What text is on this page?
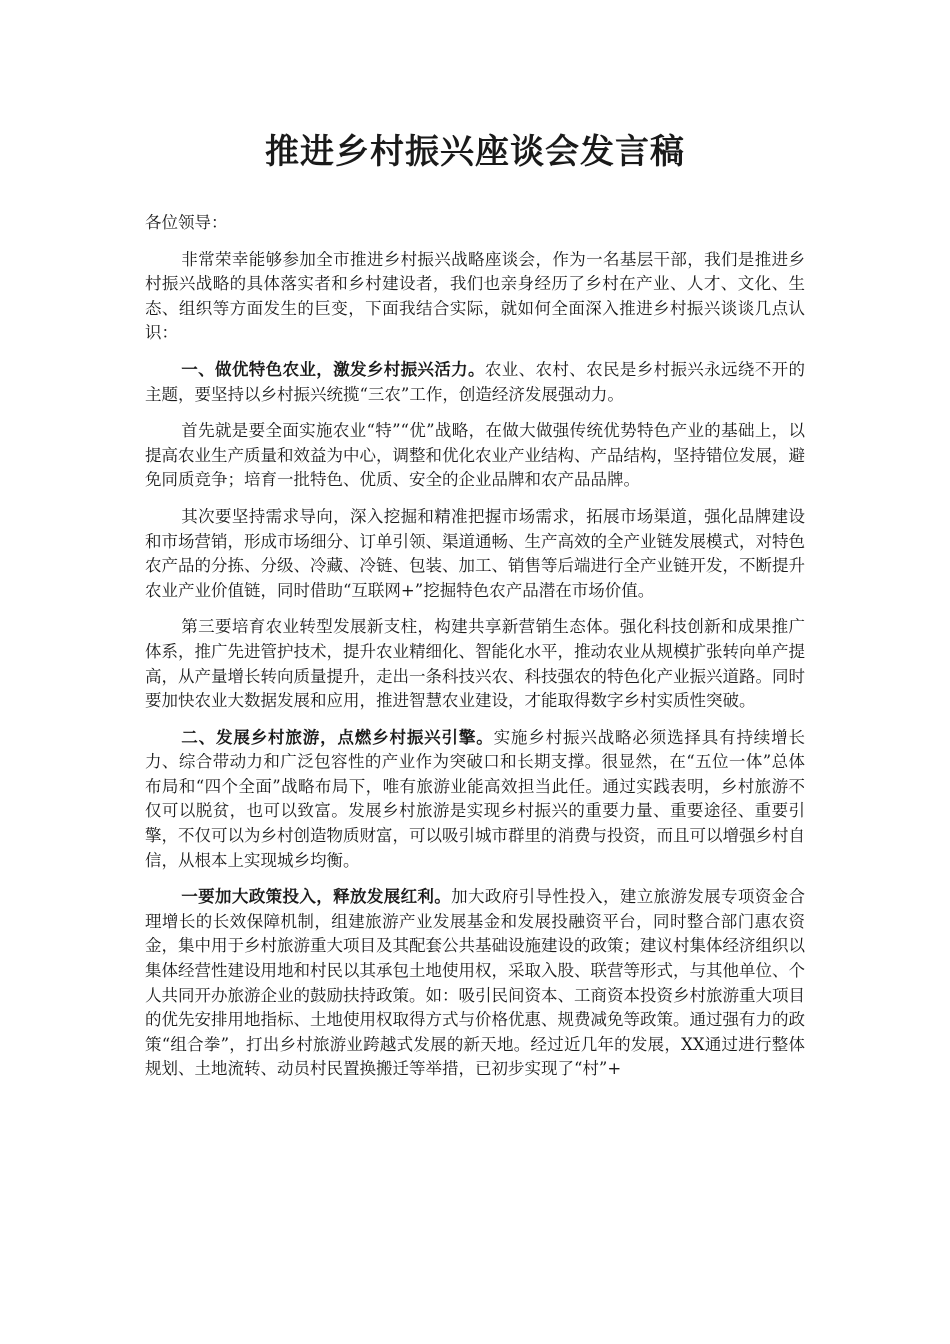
推进乡村振兴座谈会发言稿

各位领导：

非常荣幸能够参加全市推进乡村振兴战略座谈会，作为一名基层干部，我们是推进乡村振兴战略的具体落实者和乡村建设者，我们也亲身经历了乡村在产业、人才、文化、生态、组织等方面发生的巨变，下面我结合实际，就如何全面深入推进乡村振兴谈谈几点认识：

一、做优特色农业，激发乡村振兴活力。农业、农村、农民是乡村振兴永远绕不开的主题，要坚持以乡村振兴统揽“三农”工作，创造经济发展强动力。

首先就是要全面实施农业“特”“优”战略，在做大做强传统优势特色产业的基础上，以提高农业生产质量和效益为中心，调整和优化农业产业结构、产品结构，坚持错位发展，避免同质竞争；培育一批特色、优质、安全的企业品牌和农产品品牌。

其次要坚持需求导向，深入挖掘和精准把握市场需求，拓展市场渠道，强化品牌建设和市场营销，形成市场细分、订单引领、渠道通畅、生产高效的全产业链发展模式，对特色农产品的分拣、分级、冷藏、冷链、包装、加工、销售等后端进行全产业链开发，不断提升农业产业价值链，同时借助“互联网+”挖掘特色农产品潜在市场价值。

第三要培育农业转型发展新支柱，构建共享新营销生态体。强化科技创新和成果推广体系，推广先进管护技术，提升农业精细化、智能化水平，推动农业从规模扩张转向单产提高，从产量增长转向质量提升，走出一条科技兴农、科技强农的特色化产业振兴道路。同时要加快农业大数据发展和应用，推进智慧农业建设，才能取得数字乡村实质性突破。

二、发展乡村旅游，点燃乡村振兴引擎。实施乡村振兴战略必须选择具有持续增长力、综合带动力和广泛包容性的产业作为突破口和长期支撑。很显然，在“五位一体”总体布局和“四个全面”战略布局下，唯有旅游业能高效担当此任。通过实践表明，乡村旅游不仅可以脱贫，也可以致富。发展乡村旅游是实现乡村振兴的重要力量、重要途径、重要引擎，不仅可以为乡村创造物质财富，可以吸引城市群里的消费与投资，而且可以增强乡村自信，从根本上实现城乡均衡。

一要加大政策投入，释放发展红利。加大政府引导性投入，建立旅游发展专项资金合理增长的长效保障机制，组建旅游产业发展基金和发展投融资平台，同时整合部门惠农资金，集中用于乡村旅游重大项目及其配套公共基础设施建设的政策；建议村集体经济组织以集体经营性建设用地和村民以其承包土地使用权，采取入股、联营等形式，与其他单位、个人共同开办旅游企业的鼓励扶持政策。如：吸引民间资本、工商资本投资乡村旅游重大项目的优先安排用地指标、土地使用权取得方式与价格优惠、规费减免等政策。通过强有力的政策“组合拳”，打出乡村旅游业跨越式发展的新天地。经过近几年的发展，XX通过进行整体规划、土地流转、动员村民置换搬迁等举措，已初步实现了“村”+
